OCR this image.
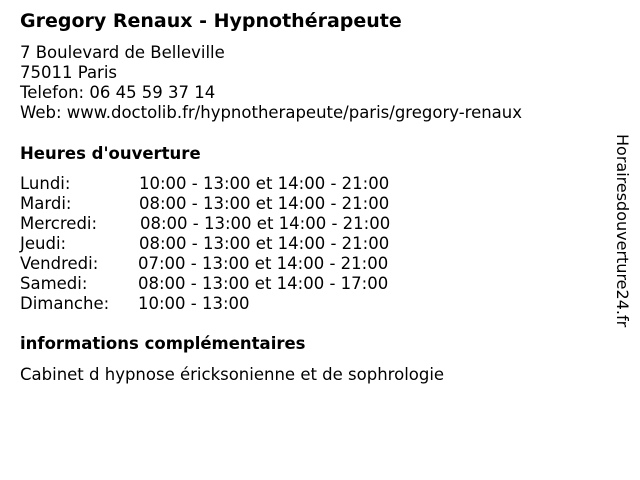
Gregory Renaux - Hypnothérapeute
7 Boulevard de Belleville
75011 Paris
Telefon: 06 45 59 37 14
Web: www.doctolib.fr/hypnotherapeute/paris/gregory-renaux
Heures d'ouverture
Lundi:	10:00 - 13:00 et 14:00 - 21:00
Mardi:	08:00 - 13:00 et 14:00 - 21:00
Mercredi:	08:00 - 13:00 et 14:00 - 21:00
Jeudi:	08:00 - 13:00 et 14:00 - 21:00
Vendredi: 07:00 - 13:00 et 14:00 - 21:00
Samedi:	08:00 - 13:00 et 14:00 - 17:00
Dimanche: 10:00 - 13:00
informations complémentaires
Cabinet d hypnose éricksonienne et de sophrologie
Horairesdouverture24.fr
